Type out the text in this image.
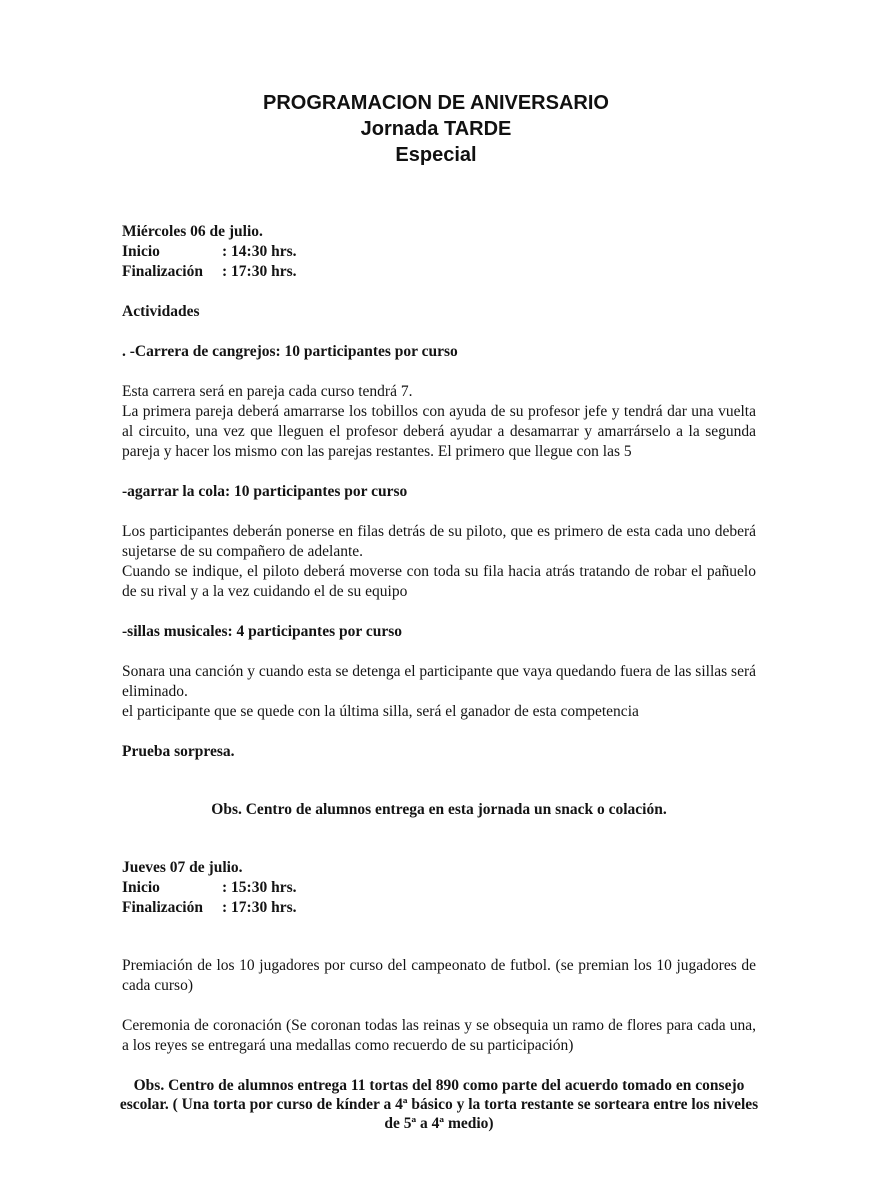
PROGRAMACION DE ANIVERSARIO
Jornada TARDE
Especial
Miércoles 06 de julio.
Inicio	: 14:30 hrs.
Finalización	: 17:30 hrs.
Actividades
. -Carrera de cangrejos: 10 participantes por curso
Esta carrera será en pareja cada curso tendrá 7.
La primera pareja deberá amarrarse los tobillos con ayuda de su profesor jefe y tendrá dar una vuelta al circuito, una vez que lleguen el profesor deberá ayudar a desamarrar y amarrárselo a la segunda pareja y hacer los mismo con las parejas restantes. El primero que llegue con las 5
-agarrar la cola: 10 participantes por curso
Los participantes deberán ponerse en filas detrás de su piloto, que es primero de esta cada uno deberá sujetarse de su compañero de adelante.
Cuando se indique, el piloto deberá moverse con toda su fila hacia atrás tratando de robar el pañuelo de su rival y a la vez cuidando el de su equipo
-sillas musicales: 4 participantes por curso
Sonara una canción y cuando esta se detenga el participante que vaya quedando fuera de las sillas será eliminado.
el participante que se quede con la última silla, será el ganador de esta competencia
Prueba sorpresa.
Obs. Centro de alumnos entrega en esta jornada un snack o colación.
Jueves 07 de julio.
Inicio	: 15:30 hrs.
Finalización	: 17:30 hrs.
Premiación de los 10 jugadores por curso del campeonato de futbol. (se premian los 10 jugadores de cada curso)
Ceremonia de coronación (Se coronan todas las reinas y se obsequia un ramo de flores para cada una, a los reyes se entregará una medallas como recuerdo de su participación)
Obs. Centro de alumnos entrega 11 tortas del 890 como parte del acuerdo tomado en consejo escolar. ( Una torta por curso de kínder a 4ª básico y la torta restante se sorteara entre los niveles de 5ª a 4ª medio)
